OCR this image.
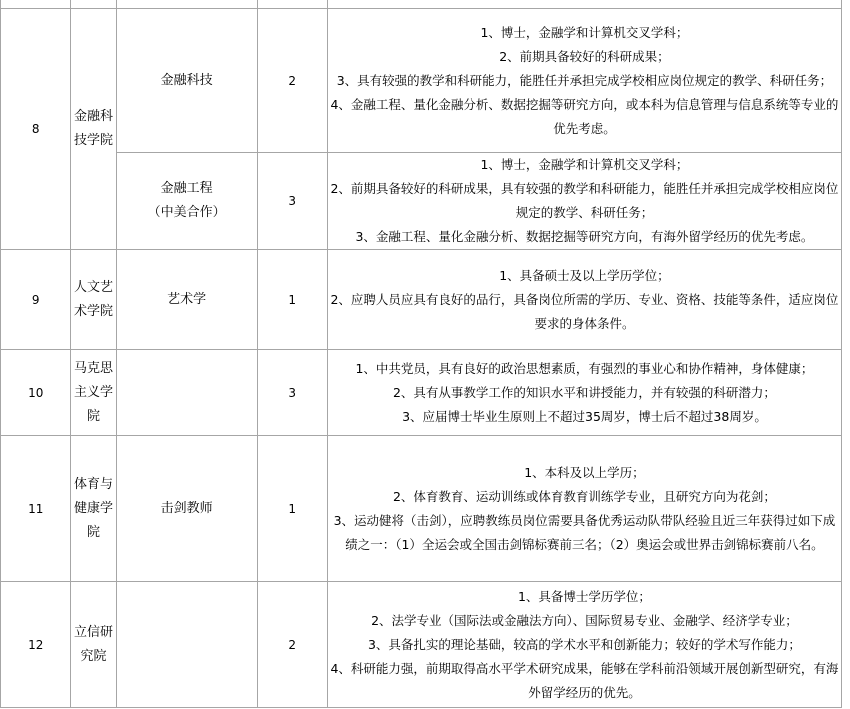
8	金融科技学院	金融科技	2	1、博士，金融学和计算机交叉学科；
2、前期具备较好的科研成果；
3、具有较强的教学和科研能力，能胜任并承担完成学校相应岗位规定的教学、科研任务；
4、金融工程、量化金融分析、数据挖掘等研究方向，或本科为信息管理与信息系统等专业的优先考虑。

		金融工程
（中美合作）	3	1、博士，金融学和计算机交叉学科；
2、前期具备较好的科研成果，具有较强的教学和科研能力，能胜任并承担完成学校相应岗位规定的教学、科研任务；
3、金融工程、量化金融分析、数据挖掘等研究方向，有海外留学经历的优先考虑。

9	人文艺术学院	艺术学	1	1、具备硕士及以上学历学位；
2、应聘人员应具有良好的品行，具备岗位所需的学历、专业、资格、技能等条件，适应岗位要求的身体条件。

10	马克思主义学院		3	1、中共党员，具有良好的政治思想素质，有强烈的事业心和协作精神，身体健康；
2、具有从事教学工作的知识水平和讲授能力，并有较强的科研潜力；
3、应届博士毕业生原则上不超过35周岁，博士后不超过38周岁。

11	体育与健康学院	击剑教师	1	1、本科及以上学历；
2、体育教育、运动训练或体育教育训练学专业，且研究方向为花剑；
3、运动健将（击剑），应聘教练员岗位需要具备优秀运动队带队经验且近三年获得过如下成绩之一：（1）全运会或全国击剑锦标赛前三名；（2）奥运会或世界击剑锦标赛前八名。

12	立信研究院		2	1、具备博士学历学位；
2、法学专业（国际法或金融法方向）、国际贸易专业、金融学、经济学专业；
3、具备扎实的理论基础，较高的学术水平和创新能力；较好的学术写作能力；
4、科研能力强，前期取得高水平学术研究成果，能够在学科前沿领域开展创新型研究，有海外留学经历的优先。
